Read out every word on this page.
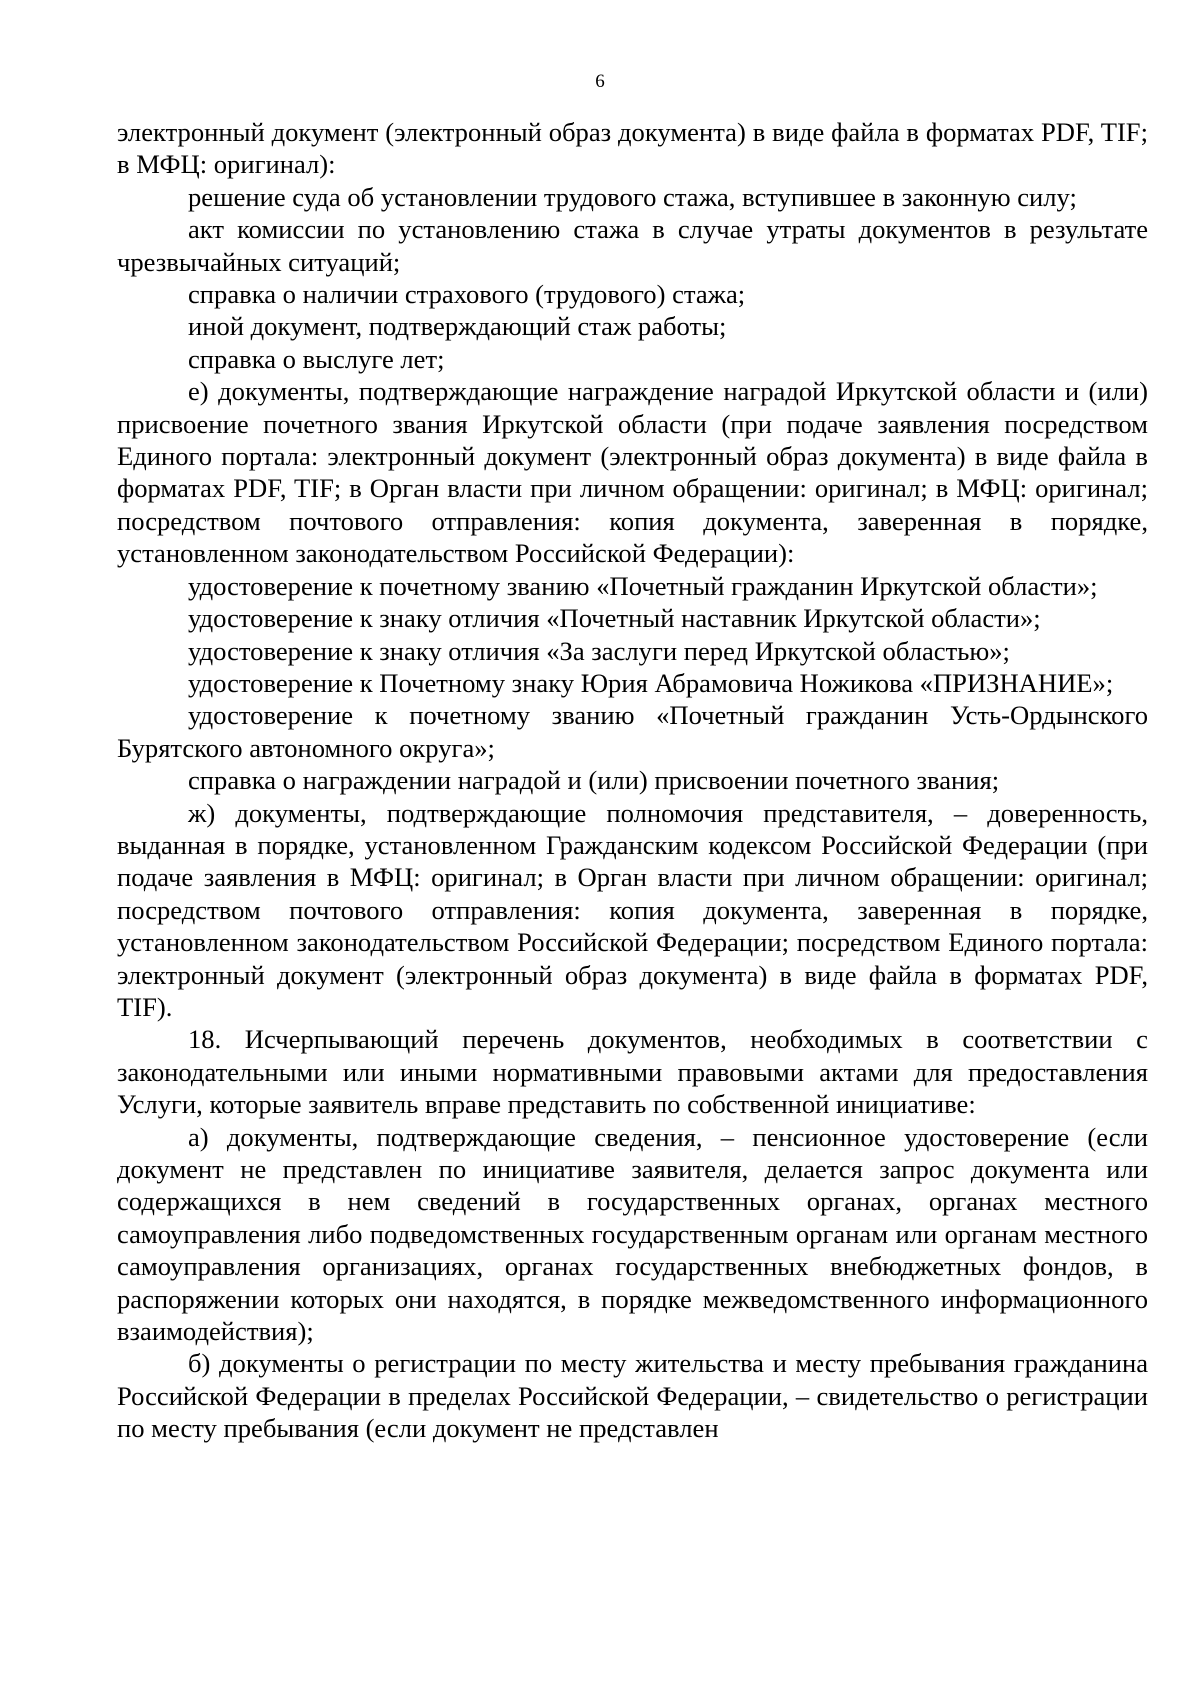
6

электронный документ (электронный образ документа) в виде файла в форматах PDF, TIF; в МФЦ: оригинал):

решение суда об установлении трудового стажа, вступившее в законную силу;

акт комиссии по установлению стажа в случае утраты документов в результате чрезвычайных ситуаций;

справка о наличии страхового (трудового) стажа;

иной документ, подтверждающий стаж работы;

справка о выслуге лет;

е) документы, подтверждающие награждение наградой Иркутской области и (или) присвоение почетного звания Иркутской области (при подаче заявления посредством Единого портала: электронный документ (электронный образ документа) в виде файла в форматах PDF, TIF; в Орган власти при личном обращении: оригинал; в МФЦ: оригинал; посредством почтового отправления: копия документа, заверенная в порядке, установленном законодательством Российской Федерации):

удостоверение к почетному званию «Почетный гражданин Иркутской области»;

удостоверение к знаку отличия «Почетный наставник Иркутской области»;

удостоверение к знаку отличия «За заслуги перед Иркутской областью»;

удостоверение к Почетному знаку Юрия Абрамовича Ножикова «ПРИЗНАНИЕ»;

удостоверение к почетному званию «Почетный гражданин Усть-Ордынского Бурятского автономного округа»;

справка о награждении наградой и (или) присвоении почетного звания;

ж) документы, подтверждающие полномочия представителя, – доверенность, выданная в порядке, установленном Гражданским кодексом Российской Федерации (при подаче заявления в МФЦ: оригинал; в Орган власти при личном обращении: оригинал; посредством почтового отправления: копия документа, заверенная в порядке, установленном законодательством Российской Федерации; посредством Единого портала: электронный документ (электронный образ документа) в виде файла в форматах PDF, TIF).

18. Исчерпывающий перечень документов, необходимых в соответствии с законодательными или иными нормативными правовыми актами для предоставления Услуги, которые заявитель вправе представить по собственной инициативе:

а) документы, подтверждающие сведения, – пенсионное удостоверение (если документ не представлен по инициативе заявителя, делается запрос документа или содержащихся в нем сведений в государственных органах, органах местного самоуправления либо подведомственных государственным органам или органам местного самоуправления организациях, органах государственных внебюджетных фондов, в распоряжении которых они находятся, в порядке межведомственного информационного взаимодействия);

б) документы о регистрации по месту жительства и месту пребывания гражданина Российской Федерации в пределах Российской Федерации, – свидетельство о регистрации по месту пребывания (если документ не представлен
